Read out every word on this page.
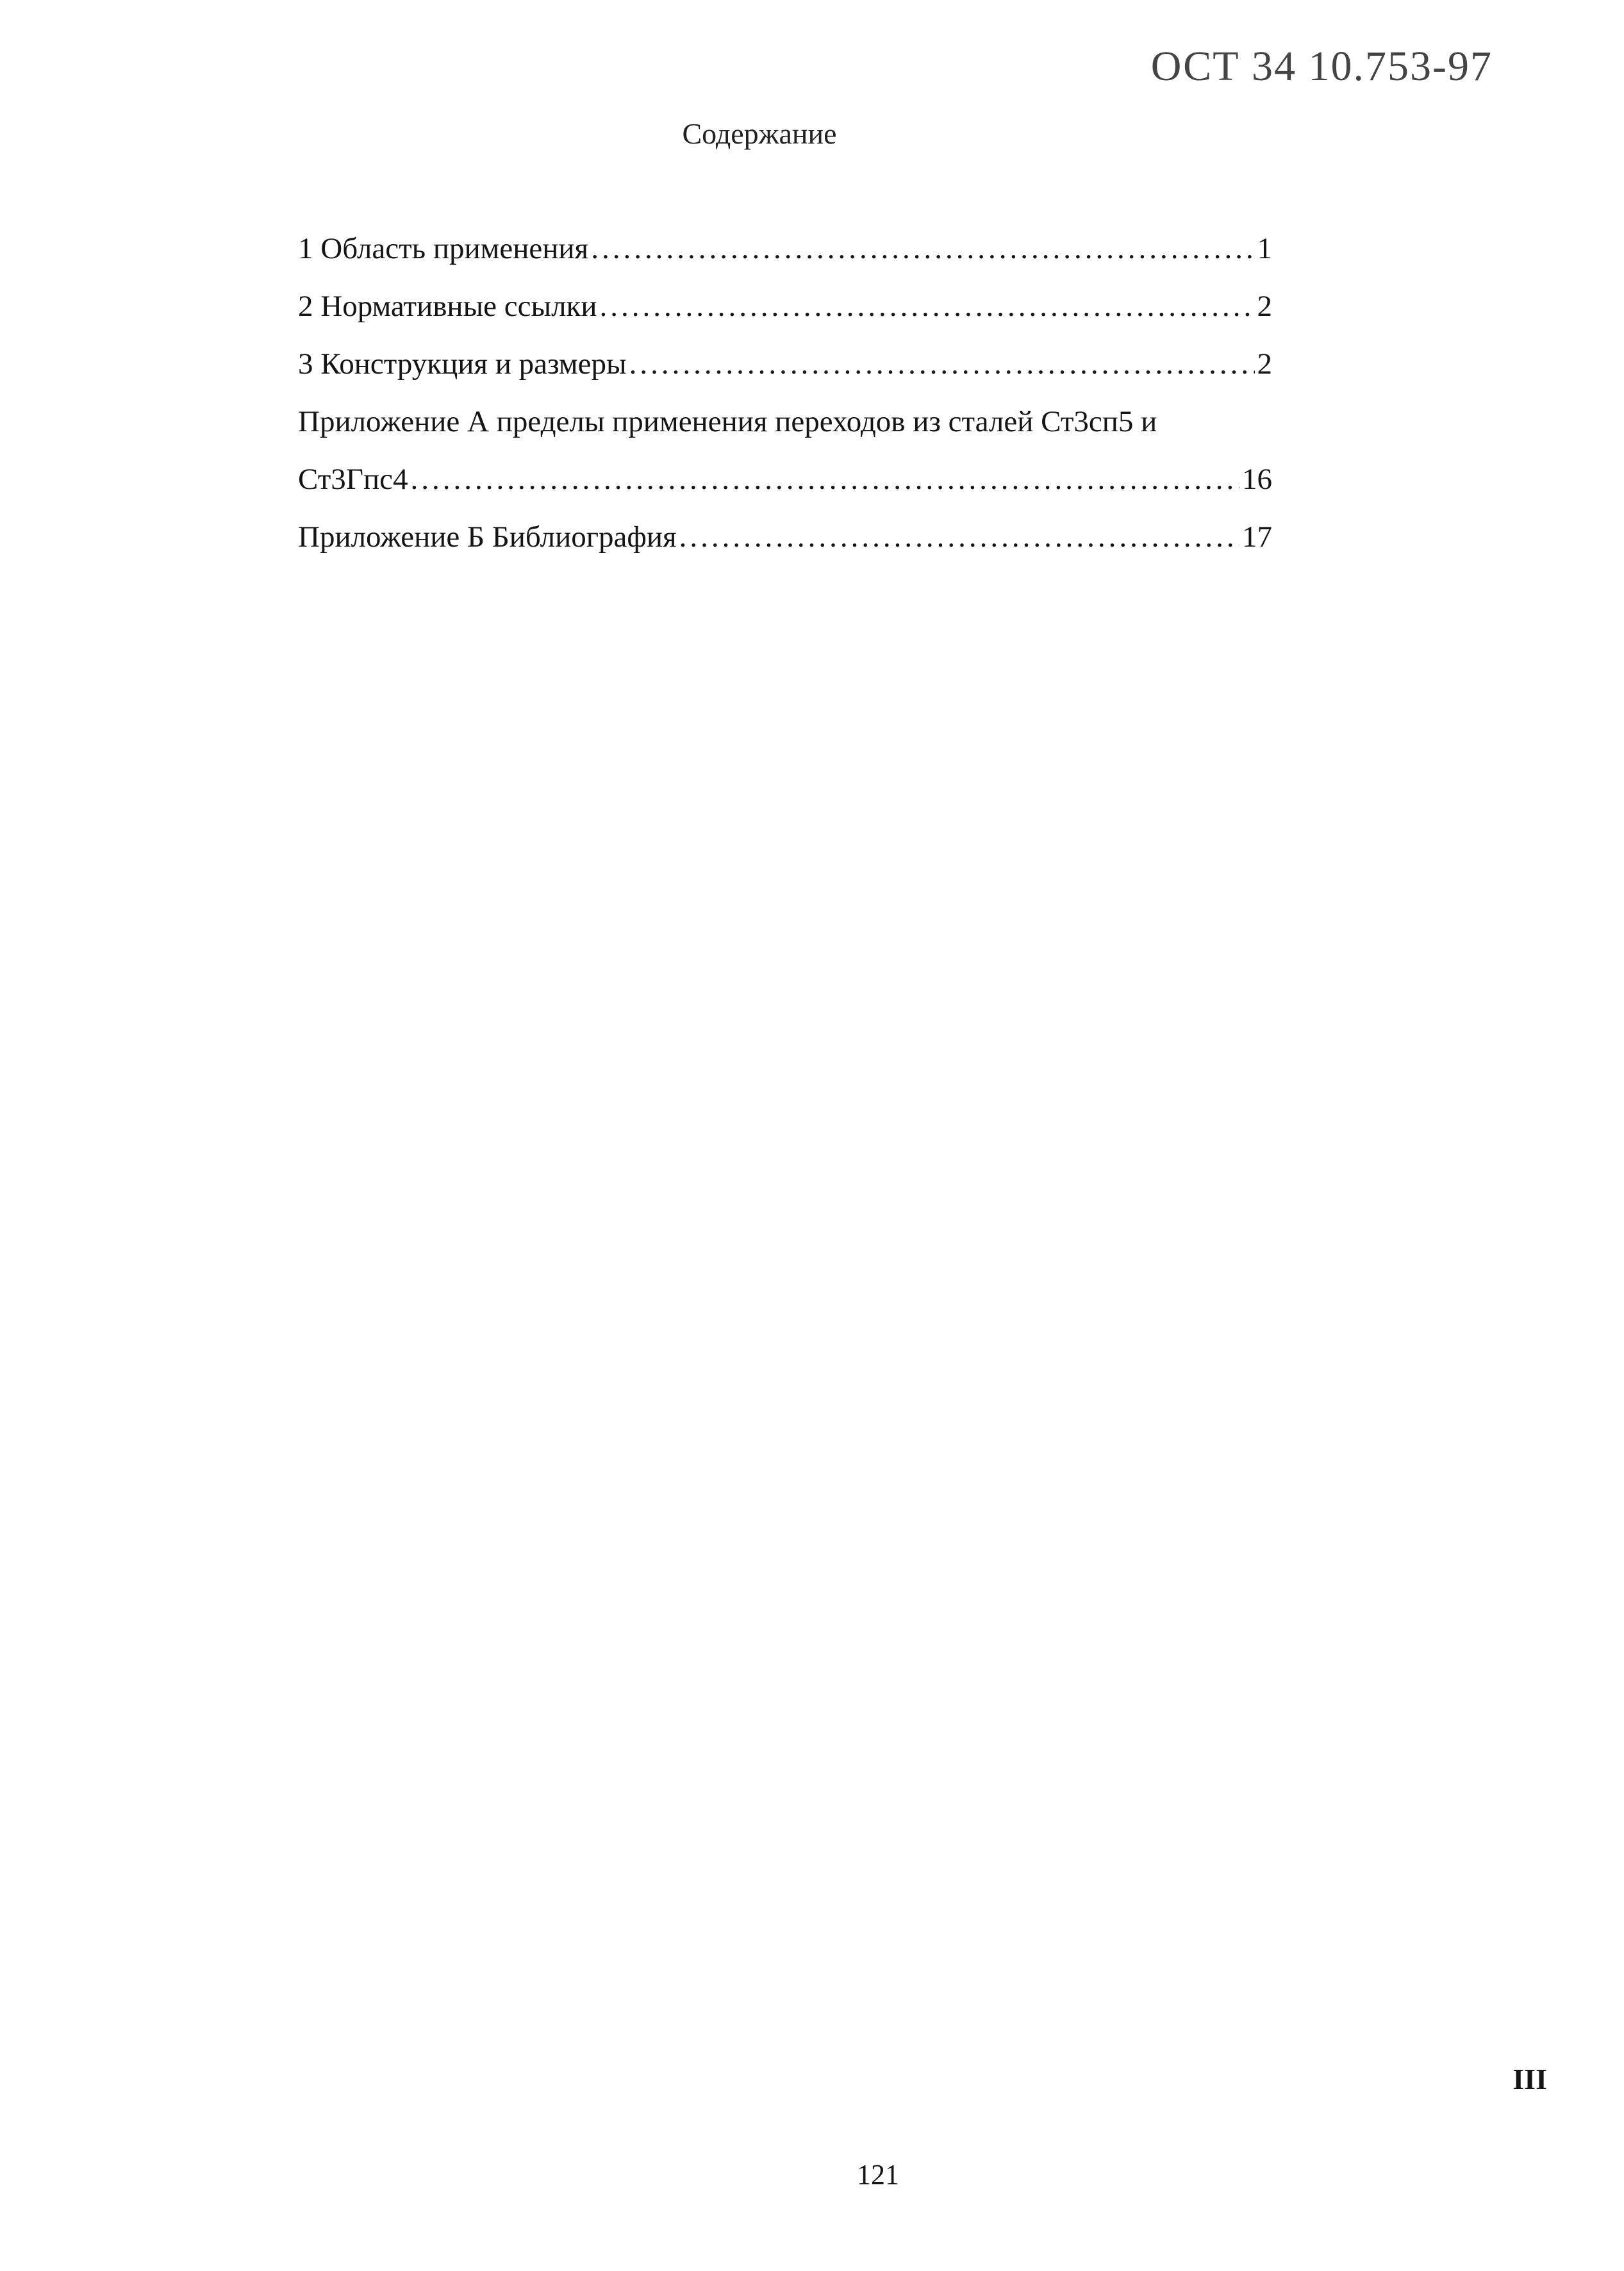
ОСТ 34 10.753-97
Содержание
1 Область применения .....	1
2 Нормативные ссылки .....	2
3 Конструкция и размеры .....	2
Приложение А пределы применения переходов из сталей Ст3сп5 и
Ст3Гпс4 .....	16
Приложение Б Библиография .....	17
III
121
